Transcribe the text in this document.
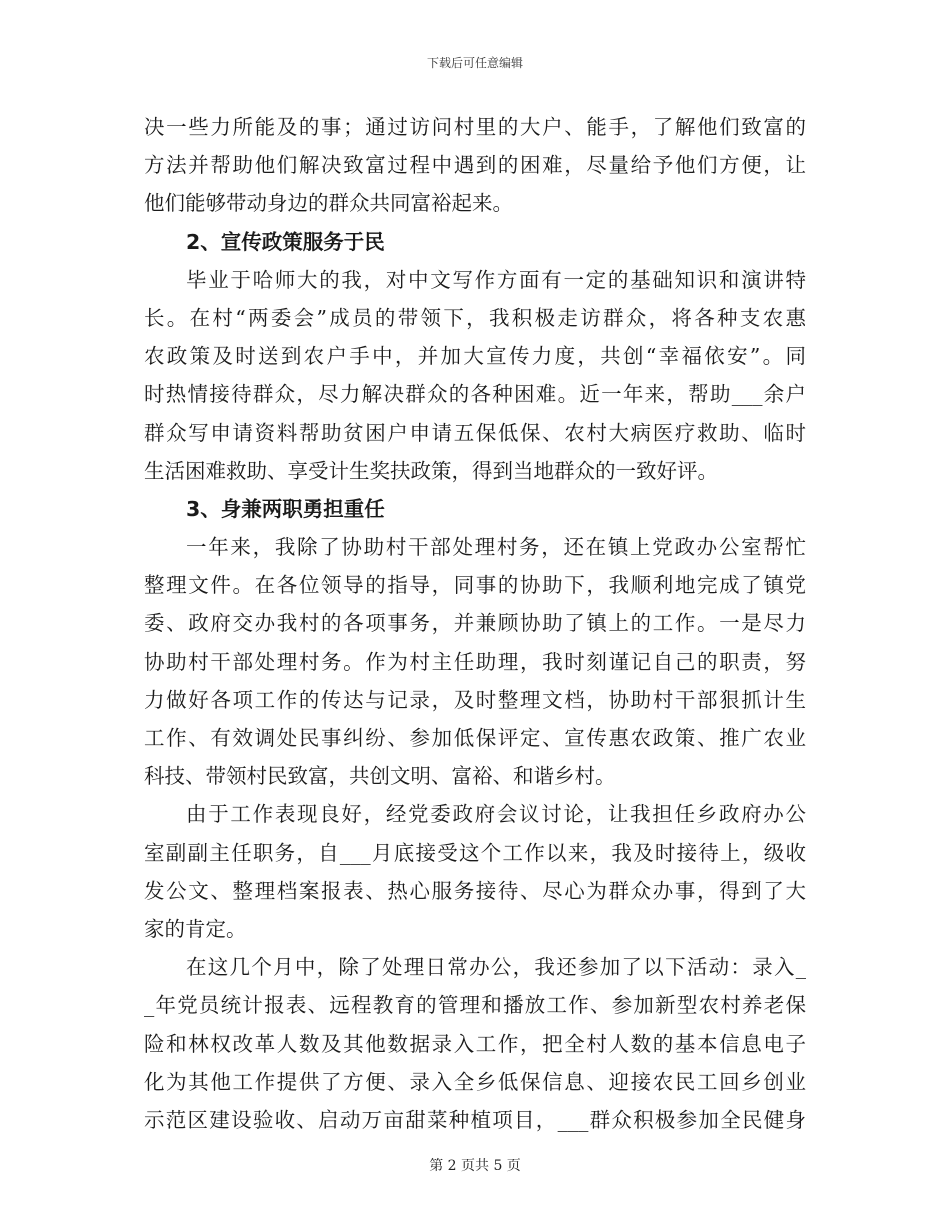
下载后可任意编辑
决一些力所能及的事；通过访问村里的大户、能手，了解他们致富的
方法并帮助他们解决致富过程中遇到的困难，尽量给予他们方便，让
他们能够带动身边的群众共同富裕起来。
2、宣传政策服务于民
毕业于哈师大的我，对中文写作方面有一定的基础知识和演讲特
长。在村“两委会”成员的带领下，我积极走访群众，将各种支农惠
农政策及时送到农户手中，并加大宣传力度，共创“幸福依安”。同
时热情接待群众，尽力解决群众的各种困难。近一年来，帮助___余户
群众写申请资料帮助贫困户申请五保低保、农村大病医疗救助、临时
生活困难救助、享受计生奖扶政策，得到当地群众的一致好评。
3、身兼两职勇担重任
一年来，我除了协助村干部处理村务，还在镇上党政办公室帮忙
整理文件。在各位领导的指导，同事的协助下，我顺利地完成了镇党
委、政府交办我村的各项事务，并兼顾协助了镇上的工作。一是尽力
协助村干部处理村务。作为村主任助理，我时刻谨记自己的职责，努
力做好各项工作的传达与记录，及时整理文档，协助村干部狠抓计生
工作、有效调处民事纠纷、参加低保评定、宣传惠农政策、推广农业
科技、带领村民致富，共创文明、富裕、和谐乡村。
由于工作表现良好，经党委政府会议讨论，让我担任乡政府办公
室副副主任职务，自___月底接受这个工作以来，我及时接待上，级收
发公文、整理档案报表、热心服务接待、尽心为群众办事，得到了大
家的肯定。
在这几个月中，除了处理日常办公，我还参加了以下活动：录入_
_年党员统计报表、远程教育的管理和播放工作、参加新型农村养老保
险和林权改革人数及其他数据录入工作，把全村人数的基本信息电子
化为其他工作提供了方便、录入全乡低保信息、迎接农民工回乡创业
示范区建设验收、启动万亩甜菜种植项目，___群众积极参加全民健身
第 2 页共 5 页
